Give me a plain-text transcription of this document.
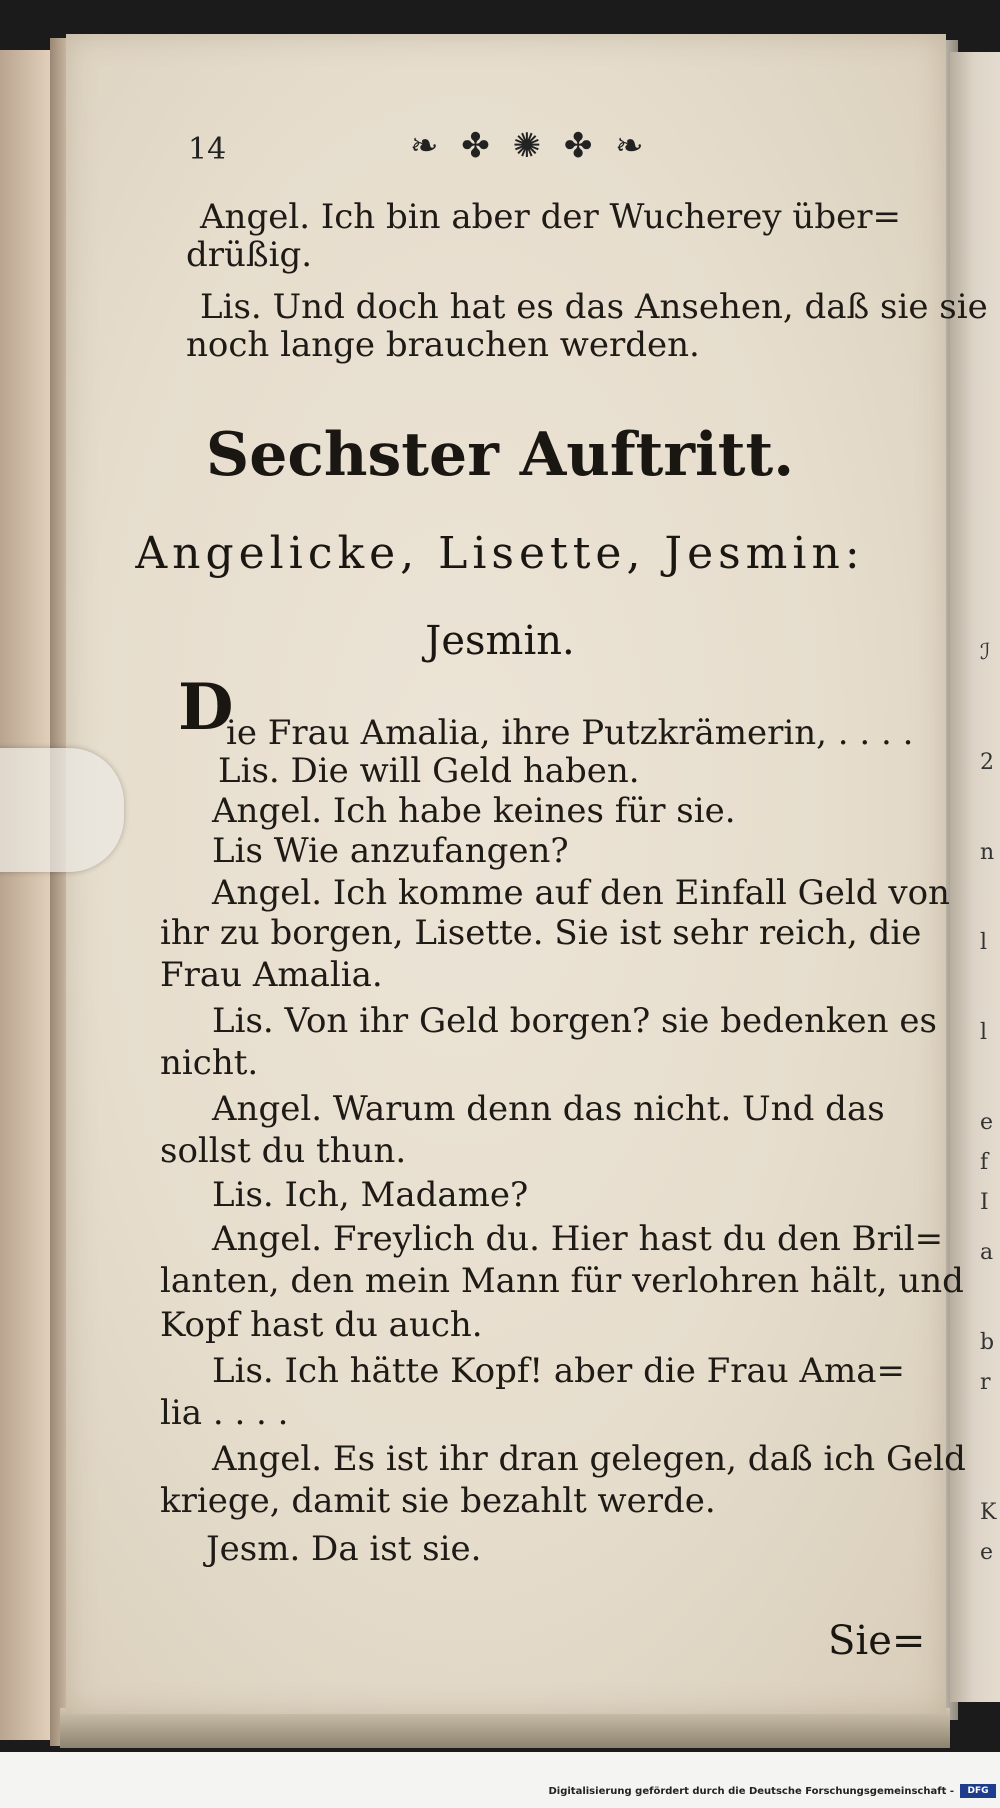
14	❧ ✤ ✺ ✤ ❧
Angel. Ich bin aber der Wucherey über=
drüßig.
Lis. Und doch hat es das Ansehen, daß sie sie
noch lange brauchen werden.
Sechster Auftritt.
Angelicke, Lisette, Jesmin:
Jesmin.
D
ie Frau Amalia, ihre Putzkrämerin, . . . .
Lis. Die will Geld haben.
Angel. Ich habe keines für sie.
Lis Wie anzufangen?
Angel. Ich komme auf den Einfall Geld von
ihr zu borgen, Lisette. Sie ist sehr reich, die
Frau Amalia.
Lis. Von ihr Geld borgen? sie bedenken es
nicht.
Angel. Warum denn das nicht. Und das
sollst du thun.
Lis. Ich, Madame?
Angel. Freylich du. Hier hast du den Bril=
lanten, den mein Mann für verlohren hält, und
Kopf hast du auch.
Lis. Ich hätte Kopf! aber die Frau Ama=
lia . . . .
Angel. Es ist ihr dran gelegen, daß ich Geld
kriege, damit sie bezahlt werde.
Jesm. Da ist sie.
Sie=
ℐ
2
n
l
l
e
f
I
a
b
r
K
e
Digitalisierung gefördert durch die Deutsche Forschungsgemeinschaft -	DFG
